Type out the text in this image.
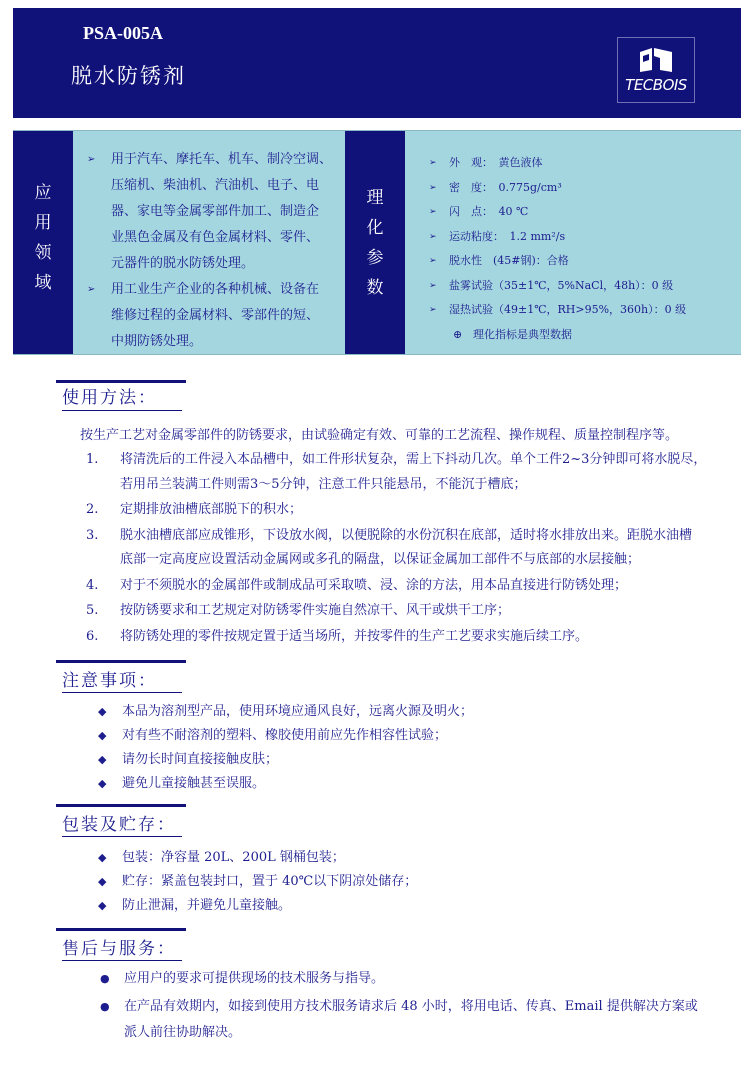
PSA-005A
脱水防锈剂	TECBOIS
应
用
领
域
➢ 用于汽车、摩托车、机车、制冷空调、
压缩机、柴油机、汽油机、电子、电
器、家电等金属零部件加工、制造企
业黑色金属及有色金属材料、零件、
元器件的脱水防锈处理。
➢ 用工业生产企业的各种机械、设备在
维修过程的金属材料、零部件的短、
中期防锈处理。
理
化
参
数
➢ 外　观：　黄色液体
➢ 密　度：　0.775g/cm³
➢ 闪　点：　40 ℃
➢ 运动粘度：　1.2 mm²/s
➢ 脱水性　(45#钢)：合格
➢ 盐雾试验（35±1℃，5%NaCl，48h）：0 级
➢ 湿热试验（49±1℃，RH>95%，360h）：0 级
⊕ 理化指标是典型数据
使用方法：
按生产工艺对金属零部件的防锈要求，由试验确定有效、可靠的工艺流程、操作规程、质量控制程序等。
1. 将清洗后的工件浸入本品槽中，如工件形状复杂，需上下抖动几次。单个工件2~3分钟即可将水脱尽，
若用吊兰装满工件则需3～5分钟，注意工件只能悬吊，不能沉于槽底；
2. 定期排放油槽底部脱下的积水；
3. 脱水油槽底部应成锥形，下设放水阀，以便脱除的水份沉积在底部，适时将水排放出来。距脱水油槽
底部一定高度应设置活动金属网或多孔的隔盘，以保证金属加工部件不与底部的水层接触；
4. 对于不须脱水的金属部件或制成品可采取喷、浸、涂的方法，用本品直接进行防锈处理；
5. 按防锈要求和工艺规定对防锈零件实施自然凉干、风干或烘干工序；
6. 将防锈处理的零件按规定置于适当场所，并按零件的生产工艺要求实施后续工序。
注意事项：
◆ 本品为溶剂型产品，使用环境应通风良好，远离火源及明火；
◆ 对有些不耐溶剂的塑料、橡胶使用前应先作相容性试验；
◆ 请勿长时间直接接触皮肤；
◆ 避免儿童接触甚至误服。
包装及贮存：
◆ 包装：净容量 20L、200L 钢桶包装；
◆ 贮存：紧盖包装封口，置于 40℃以下阴凉处储存；
◆ 防止泄漏，并避免儿童接触。
售后与服务：
● 应用户的要求可提供现场的技术服务与指导。
● 在产品有效期内，如接到使用方技术服务请求后 48 小时，将用电话、传真、Email 提供解决方案或
派人前往协助解决。
